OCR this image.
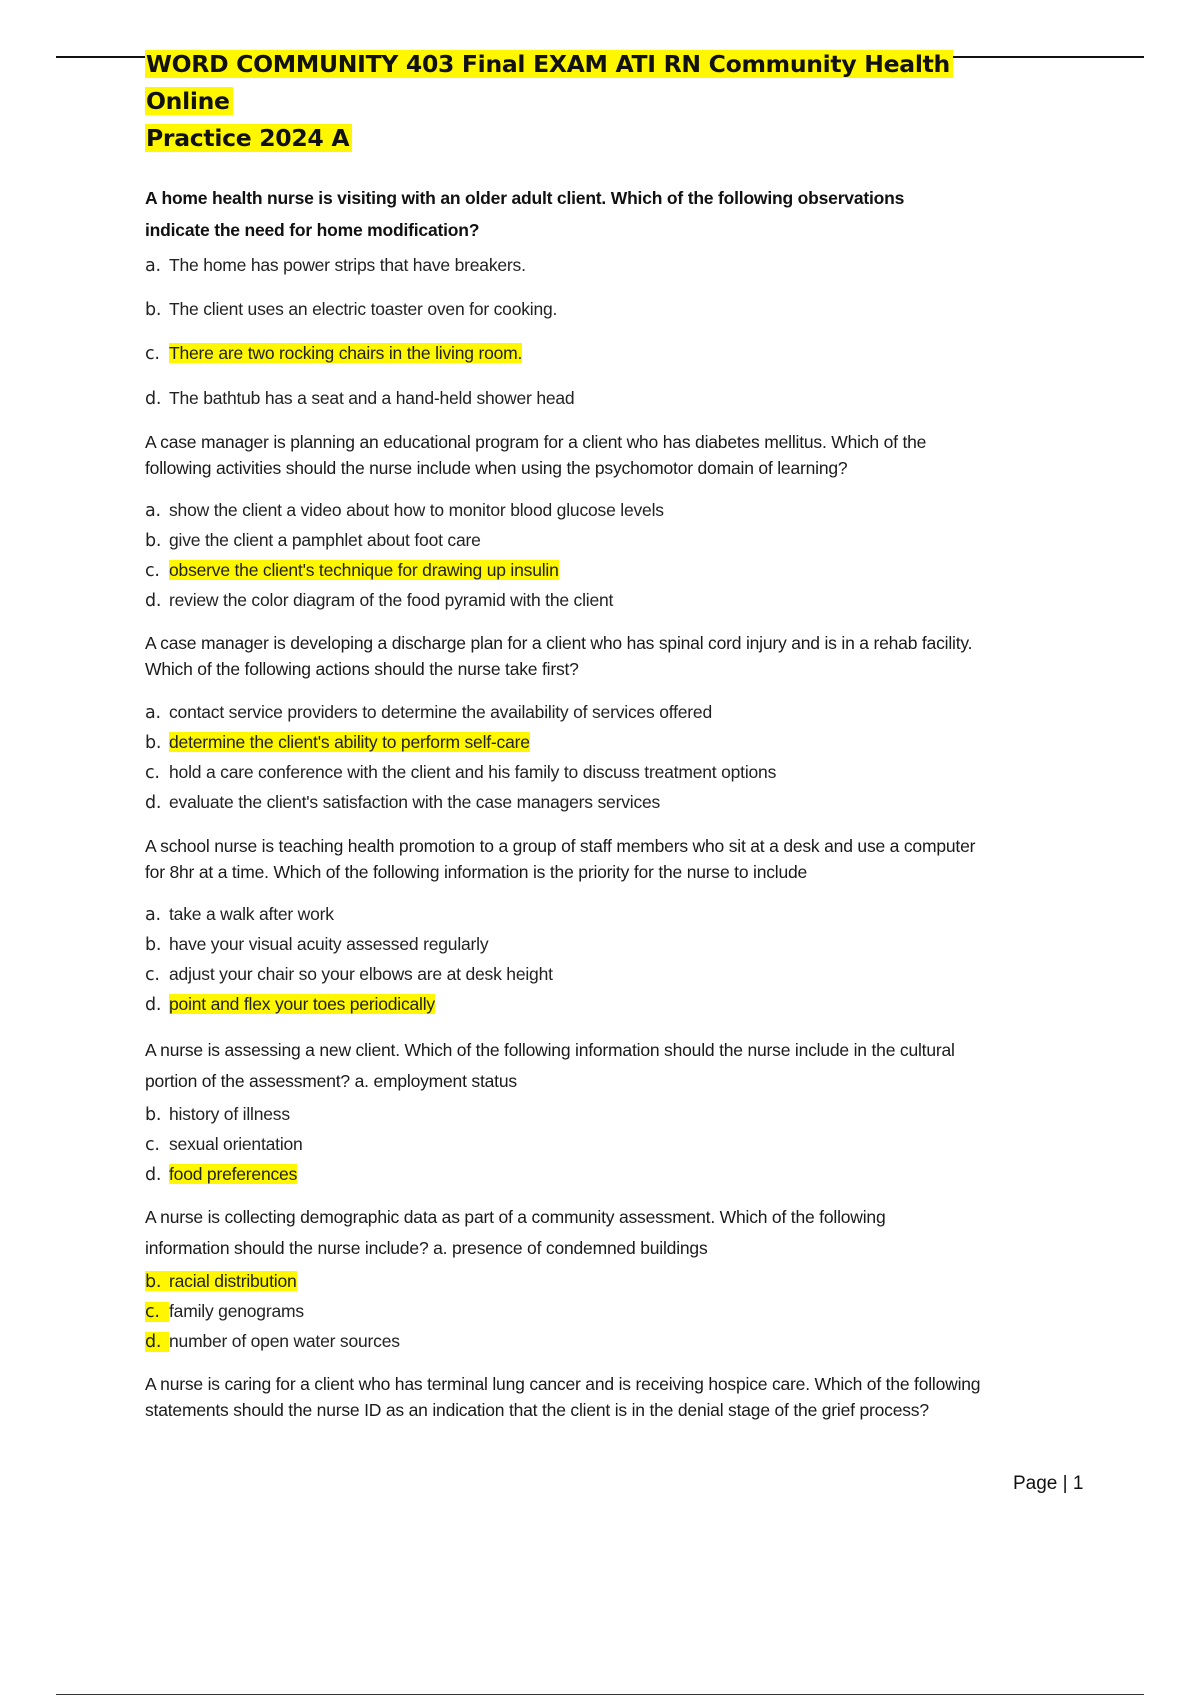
WORD COMMUNITY 403 Final EXAM ATI RN Community Health Online
Practice 2024 A
A home health nurse is visiting with an older adult client. Which of the following observations
indicate the need for home modification?
a. The home has power strips that have breakers.
b. The client uses an electric toaster oven for cooking.
c. There are two rocking chairs in the living room.
d. The bathtub has a seat and a hand-held shower head
A case manager is planning an educational program for a client who has diabetes mellitus. Which of the
following activities should the nurse include when using the psychomotor domain of learning?
a. show the client a video about how to monitor blood glucose levels
b. give the client a pamphlet about foot care
c. observe the client's technique for drawing up insulin
d. review the color diagram of the food pyramid with the client
A case manager is developing a discharge plan for a client who has spinal cord injury and is in a rehab facility.
Which of the following actions should the nurse take first?
a. contact service providers to determine the availability of services offered
b. determine the client's ability to perform self-care
c. hold a care conference with the client and his family to discuss treatment options
d. evaluate the client's satisfaction with the case managers services
A school nurse is teaching health promotion to a group of staff members who sit at a desk and use a computer
for 8hr at a time. Which of the following information is the priority for the nurse to include
a. take a walk after work
b. have your visual acuity assessed regularly
c. adjust your chair so your elbows are at desk height
d. point and flex your toes periodically
A nurse is assessing a new client. Which of the following information should the nurse include in the cultural
portion of the assessment? a. employment status
b. history of illness
c. sexual orientation
d. food preferences
A nurse is collecting demographic data as part of a community assessment. Which of the following
information should the nurse include? a. presence of condemned buildings
b. racial distribution
c. family genograms
d. number of open water sources
A nurse is caring for a client who has terminal lung cancer and is receiving hospice care. Which of the following
statements should the nurse ID as an indication that the client is in the denial stage of the grief process?
Page | 1
